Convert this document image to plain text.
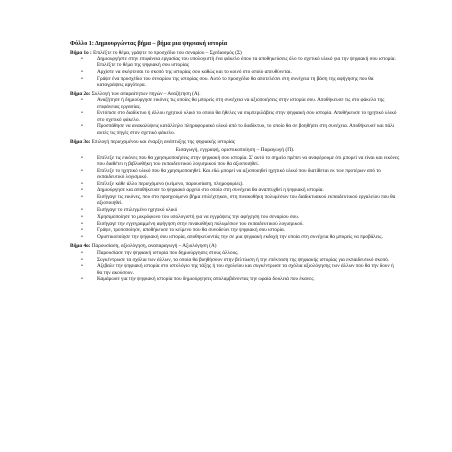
Φύλλο 1: Δημιουργώντας βήμα – βήμα μια ψηφιακή ιστορία

Βήμα 1ο : Επιλέξτε το θέμα, γράψτε το προσχέδιο του σεναρίου – Σχεδιασμός (Σ)

• Δημιουργήστε στην επιφάνεια εργασίας του υπολογιστή ένα φάκελο όπου τα αποθηκεύσεις όλο το σχετικό υλικό για την ψηφιακή σου ιστορία. Επιλέξτε το θέμα της ψηφιακή σου ιστορίας
• Αρχίστε να σκέφτεσαι το σκοπό της ιστορίας σου καθώς και το κοινό στο οποίο απευθύνεται.
• Γράψε ένα προσχέδιο του σεναρίου της ιστορίας σου. Αυτό το προσχέδιο θα αποτελέσει στη συνέχεια τη βάση της αφήγησης που θα καταγράψεις αργότερα.

Βήμα 2ο: Συλλογή των απαραίτητων πηγών – Αναζήτηση (Α).

• Αναζήτησε ή δημιούργησε εικόνες τις οποίες θα μπορείς στη συνέχεια να αξιοποιήσεις στην ιστορία σου. Αποθήκευσε τις στο φάκελο της επιφάνειας εργασίας.
• Εντόπισε στο διαδίκτυο ή άλλου ηχητικό υλικό το οποίο θα ήθελες να συμπεριλάβεις στην ψηφιακή σου ιστορία. Αποθήκευσε το ηχητικό υλικό στο σχετικό φάκελο.
• Προσπάθησε να ανακαλύψεις κατάλληλο πληροφοριακό υλικό από το διαδίκτυο, το οποίο θα σε βοηθήσει στη συνέχεια. Αποθήκευσέ και πάλι αυτές τις πηγές στον σχετικό φάκελο.

Βήμα 3ο: Επιλογή περιεχομένου και έναρξη ανάπτυξης της ψηφιακής ιστορίας

Εισαγωγή, εγγραφή, οριστικοποίηση – Παραγωγή (Π).

• Επέλεξε τις εικόνες που θα χρησιμοποιήσεις στην ψηφιακή σου ιστορία. Σ' αυτό το σημείο πρέπει να αναφέρουμε ότι μπορεί να είναι και εικόνες που διαθέτει η βιβλιοθήκη του εκπαιδευτικού λογισμικού που θα αξιοποιηθεί.
• Επέλεξε το ηχητικό υλικό που θα χρησιμοποιηθεί. Και εδώ μπορεί να αξιοποιηθεί ηχητικό υλικό που διατίθεται εκ των προτέρων από το εκπαιδευτικό λογισμικό.
• Επέλεξε κάθε άλλο περιεχόμενο (κείμενο, παρουσίαση, πληροφορίες).
• Δημιούργησε και αποθήκευσε το ψηφιακό αρχείο στο οποίο στη συνέχεια θα αναπτυχθεί η ψηφιακή ιστορία.
• Εισήγαγε τις εικόνες, που στο προηγούμενο βήμα επιλέχτηκαν, στη πινακοθήκη πολυμέσων του διαδικτυακού εκπαιδευτικού εργαλείου που θα αξιοποιηθεί.
• Εισήγαγε το επιλεγμένο ηχητικό υλικό
• Χρησιμοποίησε το μικρόφωνο του υπολογιστή για να εγγράψεις την αφήγηση του σεναρίου σου.
• Εισήγαγε την εγγεγραμμένη αφήγηση στην πινακοθήκη πολυμέσων του εκπαιδευτικού λογισμικού.
• Γράψε, τροποποίησε, αποθήκευσε το κείμενο που θα συνοδεύει την ψηφιακή σου ιστορία.
• Οριστικοποίησε την ψηφιακή σου ιστορία, αποθηκεύοντάς την σε μια ψηφιακή εκδοχή την οποία στη συνέχεια θα μπορείς να προβάλεις.

Βήμα 4ο: Παρουσίαση, αξιολόγηση, αναπαραγωγή – Αξιολόγηση (Α)

• Παρουσίασε την ψηφιακή ιστορία που δημιούργησες στους άλλους.
• Συγκέντρωσε τα σχόλια των άλλων, τα οποία θα βοηθήσουν στην βελτίωση ή την επέκταση της ψηφιακής ιστορίας για εκπαιδευτικό σκοπό.
• Αξιβαλε την ψηφιακή ιστορία στο ιστολόγιο της τάξης ή του σχολείου και συγκέντρωσε τα σχόλια αξιολόγησης των άλλων που θα την δουν ή θα την ακούσουν.
• Καμάρωσε για την ψηφιακή ιστορία που δημιούργησες απολαμβάνοντας την ωραία δουλειά που έκανες.
